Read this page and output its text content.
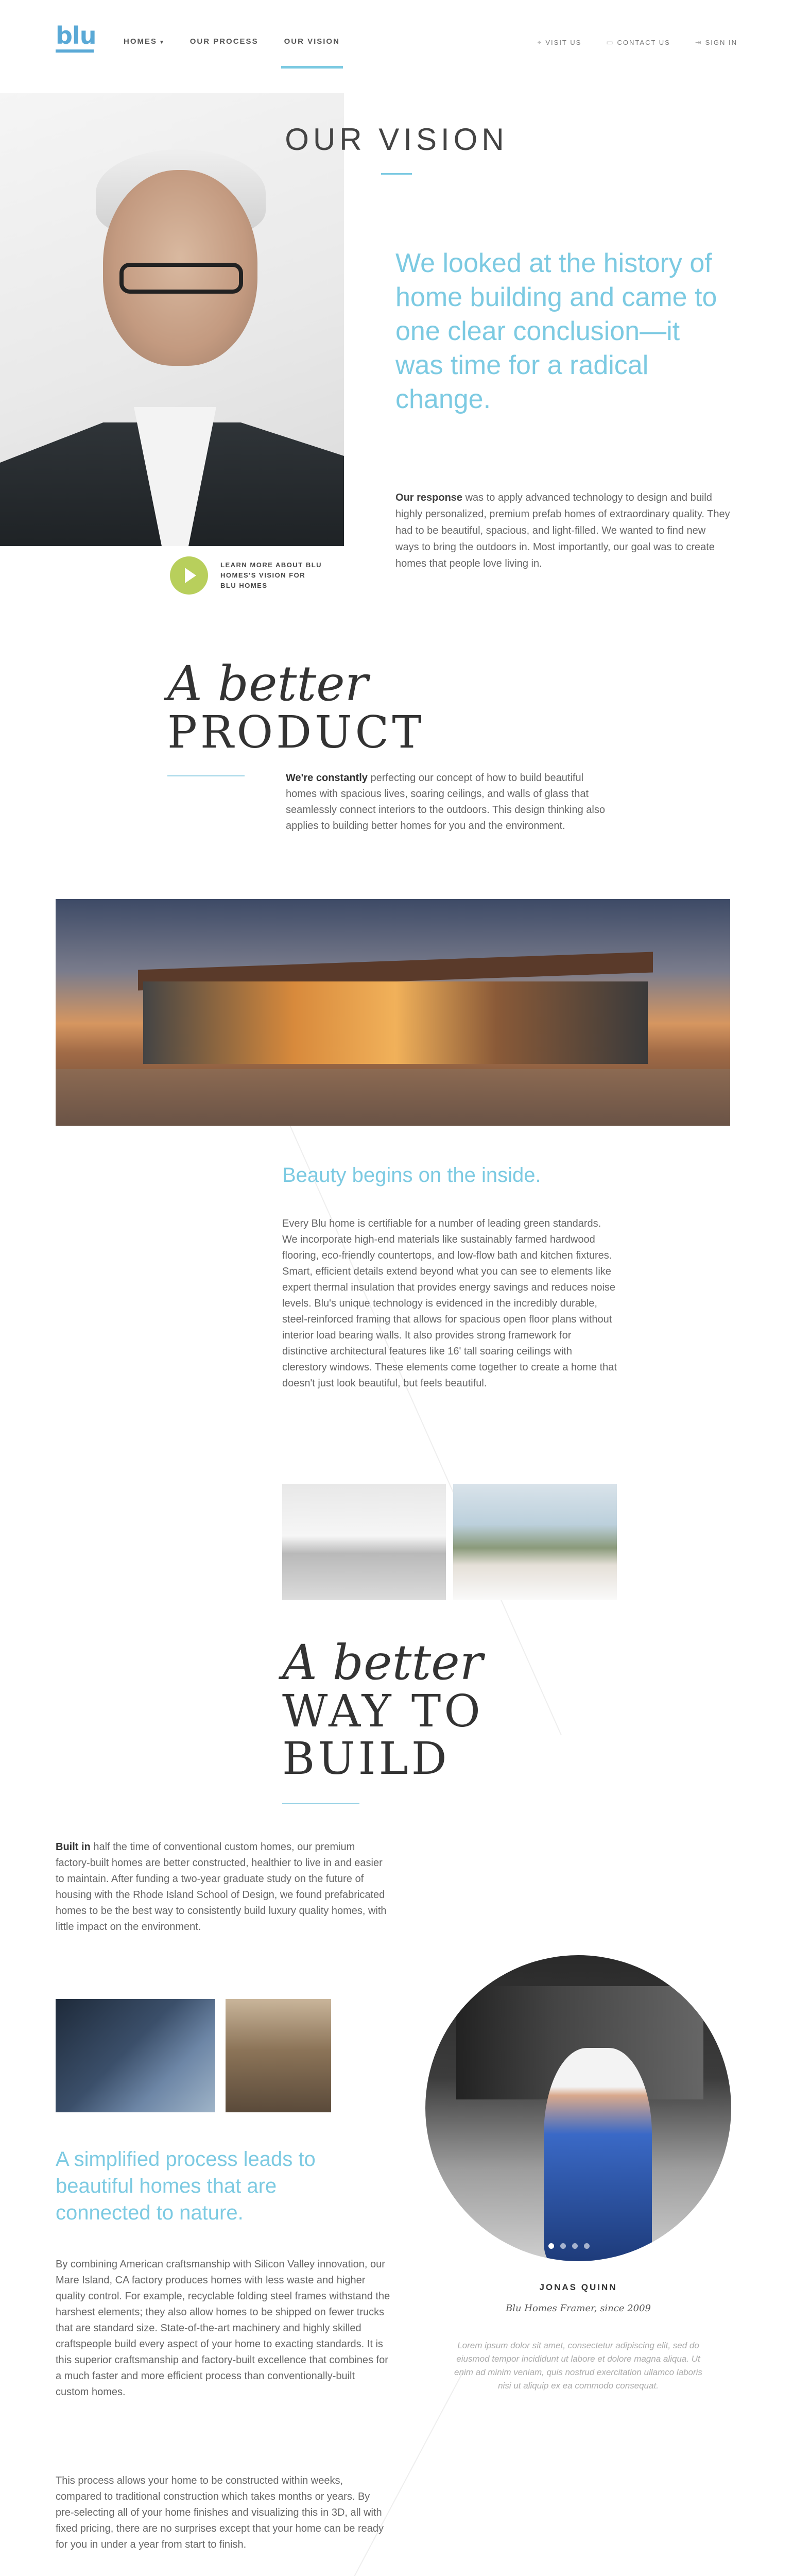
blu	HOMES ▾	OUR PROCESS	OUR VISION	⌖ VISIT US	▭ CONTACT US	⇥ SIGN IN
OUR VISION

We looked at the history of home building and came to one clear conclusion—it was time for a radical change.

Our response was to apply advanced technology to design and build highly personalized, premium prefab homes of extraordinary quality. They had to be beautiful, spacious, and light-filled. We wanted to find new ways to bring the outdoors in. Most importantly, our goal was to create homes that people love living in.

LEARN MORE ABOUT BLU HOMES'S VISION FOR BLU HOMES
A better
PRODUCT

We're constantly perfecting our concept of how to build beautiful homes with spacious lives, soaring ceilings, and walls of glass that seamlessly connect interiors to the outdoors. This design thinking also applies to building better homes for you and the environment.

Beauty begins on the inside.

Every Blu home is certifiable for a number of leading green standards. We incorporate high-end materials like sustainably farmed hardwood flooring, eco-friendly countertops, and low-flow bath and kitchen fixtures. Smart, efficient details extend beyond what you can see to elements like expert thermal insulation that provides energy savings and reduces noise levels. Blu's unique technology is evidenced in the incredibly durable, steel-reinforced framing that allows for spacious open floor plans without interior load bearing walls. It also provides strong framework for distinctive architectural features like 16' tall soaring ceilings with clerestory windows. These elements come together to create a home that doesn't just look beautiful, but feels beautiful.

A better
WAY TO
BUILD

Built in half the time of conventional custom homes, our premium factory-built homes are better constructed, healthier to live in and easier to maintain. After funding a two-year graduate study on the future of housing with the Rhode Island School of Design, we found prefabricated homes to be the best way to consistently build luxury quality homes, with little impact on the environment.

A simplified process leads to beautiful homes that are connected to nature.

By combining American craftsmanship with Silicon Valley innovation, our Mare Island, CA factory produces homes with less waste and higher quality control. For example, recyclable folding steel frames withstand the harshest elements; they also allow homes to be shipped on fewer trucks that are standard size. State-of-the-art machinery and highly skilled craftspeople build every aspect of your home to exacting standards. It is this superior craftsmanship and factory-built excellence that combines for a much faster and more efficient process than conventionally-built custom homes.

This process allows your home to be constructed within weeks, compared to traditional construction which takes months or years. By pre-selecting all of your home finishes and visualizing this in 3D, all with fixed pricing, there are no surprises except that your home can be ready for you in under a year from start to finish.

JONAS QUINN
Blu Homes Framer, since 2009

Lorem ipsum dolor sit amet, consectetur adipiscing elit, sed do eiusmod tempor incididunt ut labore et dolore magna aliqua. Ut enim ad minim veniam, quis nostrud exercitation ullamco laboris nisi ut aliquip ex ea commodo consequat.
